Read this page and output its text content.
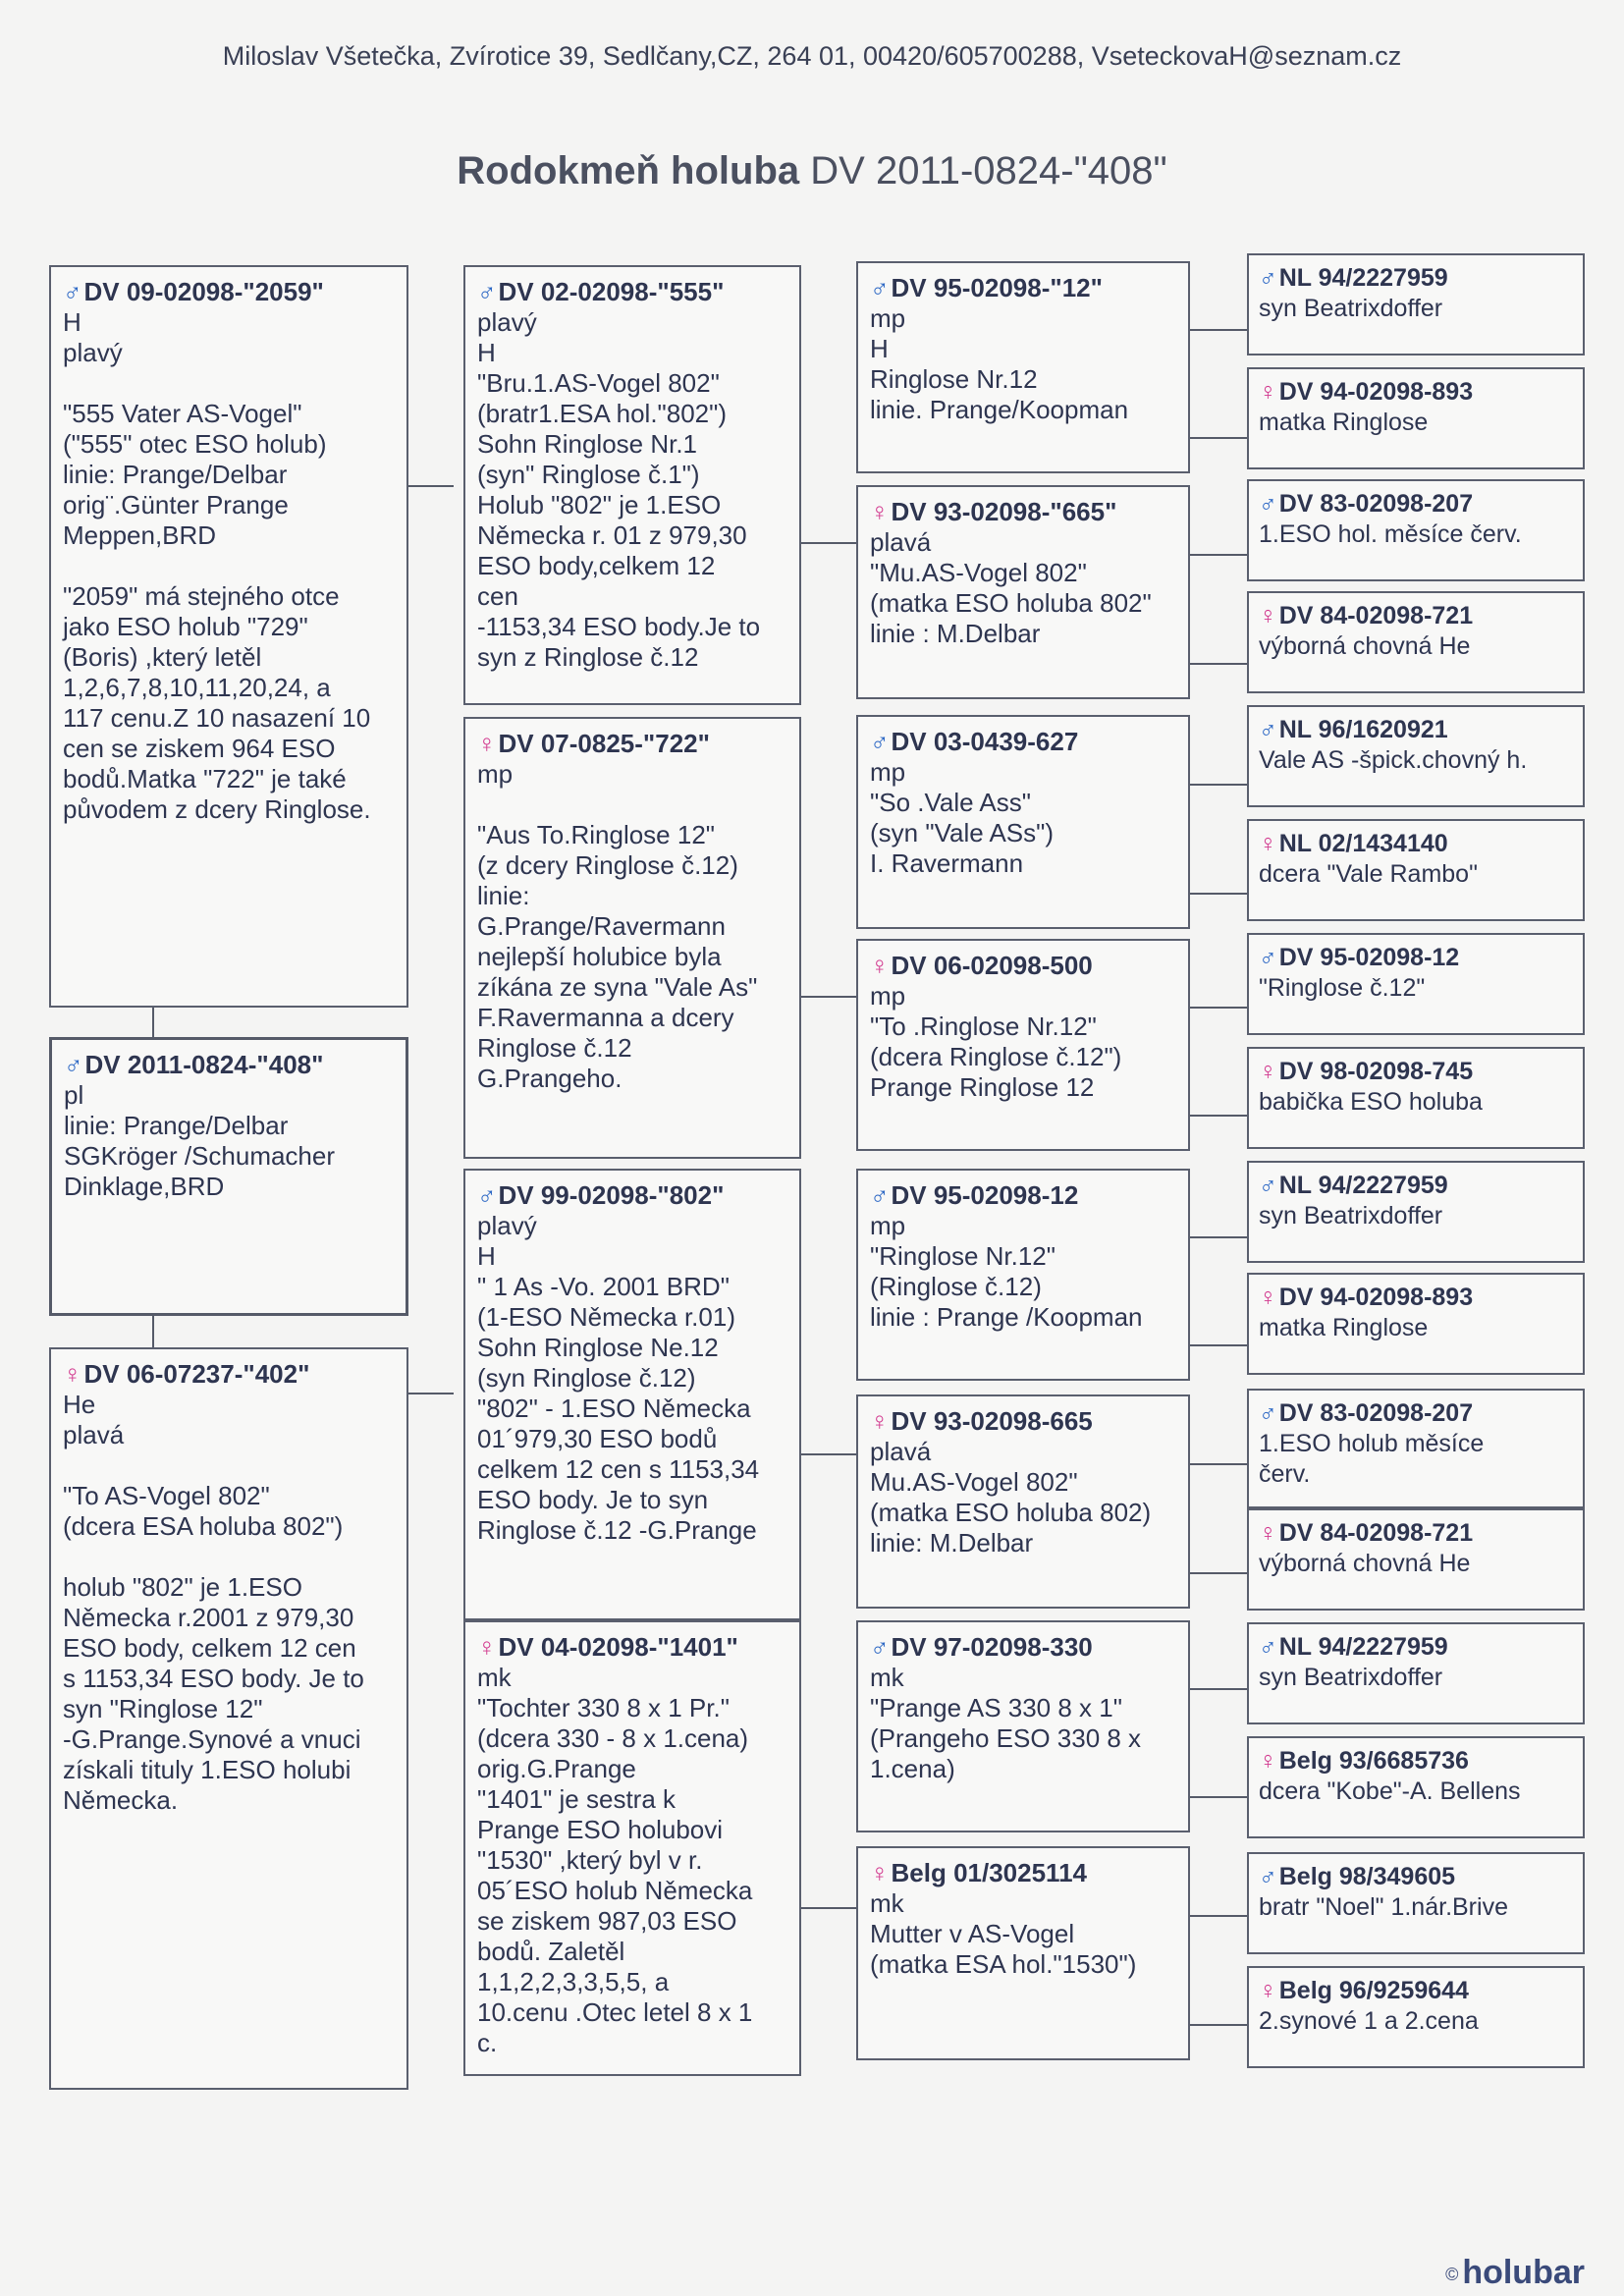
Miloslav Všetečka, Zvírotice 39, Sedlčany,CZ, 264 01, 00420/605700288, VseteckovaH@seznam.cz
Rodokmeň holuba DV 2011-0824-"408"
♂DV 09-02098-"2059"
H
plavý
"555 Vater AS-Vogel"
("555" otec ESO holub)
linie: Prange/Delbar
orig¨.Günter Prange
Meppen,BRD
"2059" má stejného otce
jako ESO holub "729"
(Boris) ,který letěl
1,2,6,7,8,10,11,20,24, a
117 cenu.Z 10 nasazení 10
cen se ziskem 964 ESO
bodů.Matka "722" je také
původem z dcery Ringlose.
♂DV 2011-0824-"408"
pl
linie: Prange/Delbar
SGKröger /Schumacher
Dinklage,BRD
♀DV 06-07237-"402"
He
plavá
"To AS-Vogel 802"
(dcera ESA holuba 802")
holub "802" je 1.ESO
Německa r.2001 z 979,30
ESO body, celkem 12 cen
s 1153,34 ESO body. Je to
syn "Ringlose 12"
-G.Prange.Synové a vnuci
získali tituly 1.ESO holubi
Německa.
♂DV 02-02098-"555"
plavý
H
"Bru.1.AS-Vogel 802"
(bratr1.ESA hol."802")
Sohn Ringlose Nr.1
(syn" Ringlose č.1")
Holub "802" je 1.ESO
Německa r. 01 z 979,30
ESO body,celkem 12
cen
-1153,34 ESO body.Je to
syn z Ringlose č.12
♀DV 07-0825-"722"
mp
"Aus To.Ringlose 12"
(z dcery Ringlose č.12)
linie:
G.Prange/Ravermann
nejlepší holubice byla
zíkána ze syna "Vale As"
F.Ravermanna a dcery
Ringlose č.12
G.Prangeho.
♂DV 99-02098-"802"
plavý
H
" 1 As -Vo. 2001 BRD"
(1-ESO Německa r.01)
Sohn Ringlose Ne.12
(syn Ringlose č.12)
"802" - 1.ESO Německa
01´979,30 ESO bodů
celkem 12 cen s 1153,34
ESO body. Je to syn
Ringlose č.12 -G.Prange
♀DV 04-02098-"1401"
mk
"Tochter 330 8 x 1 Pr."
(dcera 330 - 8 x 1.cena)
orig.G.Prange
"1401" je sestra k
Prange ESO holubovi
"1530" ,který byl v r.
05´ESO holub Německa
se ziskem 987,03 ESO
bodů. Zaletěl
1,1,2,2,3,3,5,5, a
10.cenu .Otec letel 8 x 1
c.
♂DV 95-02098-"12"
mp
H
Ringlose Nr.12
linie. Prange/Koopman
♀DV 93-02098-"665"
plavá
"Mu.AS-Vogel 802"
(matka ESO holuba 802"
linie : M.Delbar
♂DV 03-0439-627
mp
"So .Vale Ass"
(syn "Vale ASs")
I. Ravermann
♀DV 06-02098-500
mp
"To .Ringlose Nr.12"
(dcera Ringlose č.12")
Prange Ringlose 12
♂DV 95-02098-12
mp
"Ringlose Nr.12"
(Ringlose č.12)
linie : Prange /Koopman
♀DV 93-02098-665
plavá
Mu.AS-Vogel 802"
(matka ESO holuba 802)
linie: M.Delbar
♂DV 97-02098-330
mk
"Prange AS 330 8 x 1"
(Prangeho ESO 330 8 x
1.cena)
♀Belg 01/3025114
mk
Mutter v AS-Vogel
(matka ESA hol."1530")
♂NL 94/2227959
syn Beatrixdoffer
♀DV 94-02098-893
matka Ringlose
♂DV 83-02098-207
1.ESO hol. měsíce červ.
♀DV 84-02098-721
výborná chovná He
♂NL 96/1620921
Vale AS -špick.chovný h.
♀NL 02/1434140
dcera "Vale Rambo"
♂DV 95-02098-12
"Ringlose č.12"
♀DV 98-02098-745
babička ESO holuba
♂NL 94/2227959
syn Beatrixdoffer
♀DV 94-02098-893
matka Ringlose
♂DV 83-02098-207
1.ESO holub měsíce
červ.
♀DV 84-02098-721
výborná chovná He
♂NL 94/2227959
syn Beatrixdoffer
♀Belg 93/6685736
dcera "Kobe"-A. Bellens
♂Belg 98/349605
bratr "Noel" 1.nár.Brive
♀Belg 96/9259644
2.synové 1 a 2.cena
© holubar
